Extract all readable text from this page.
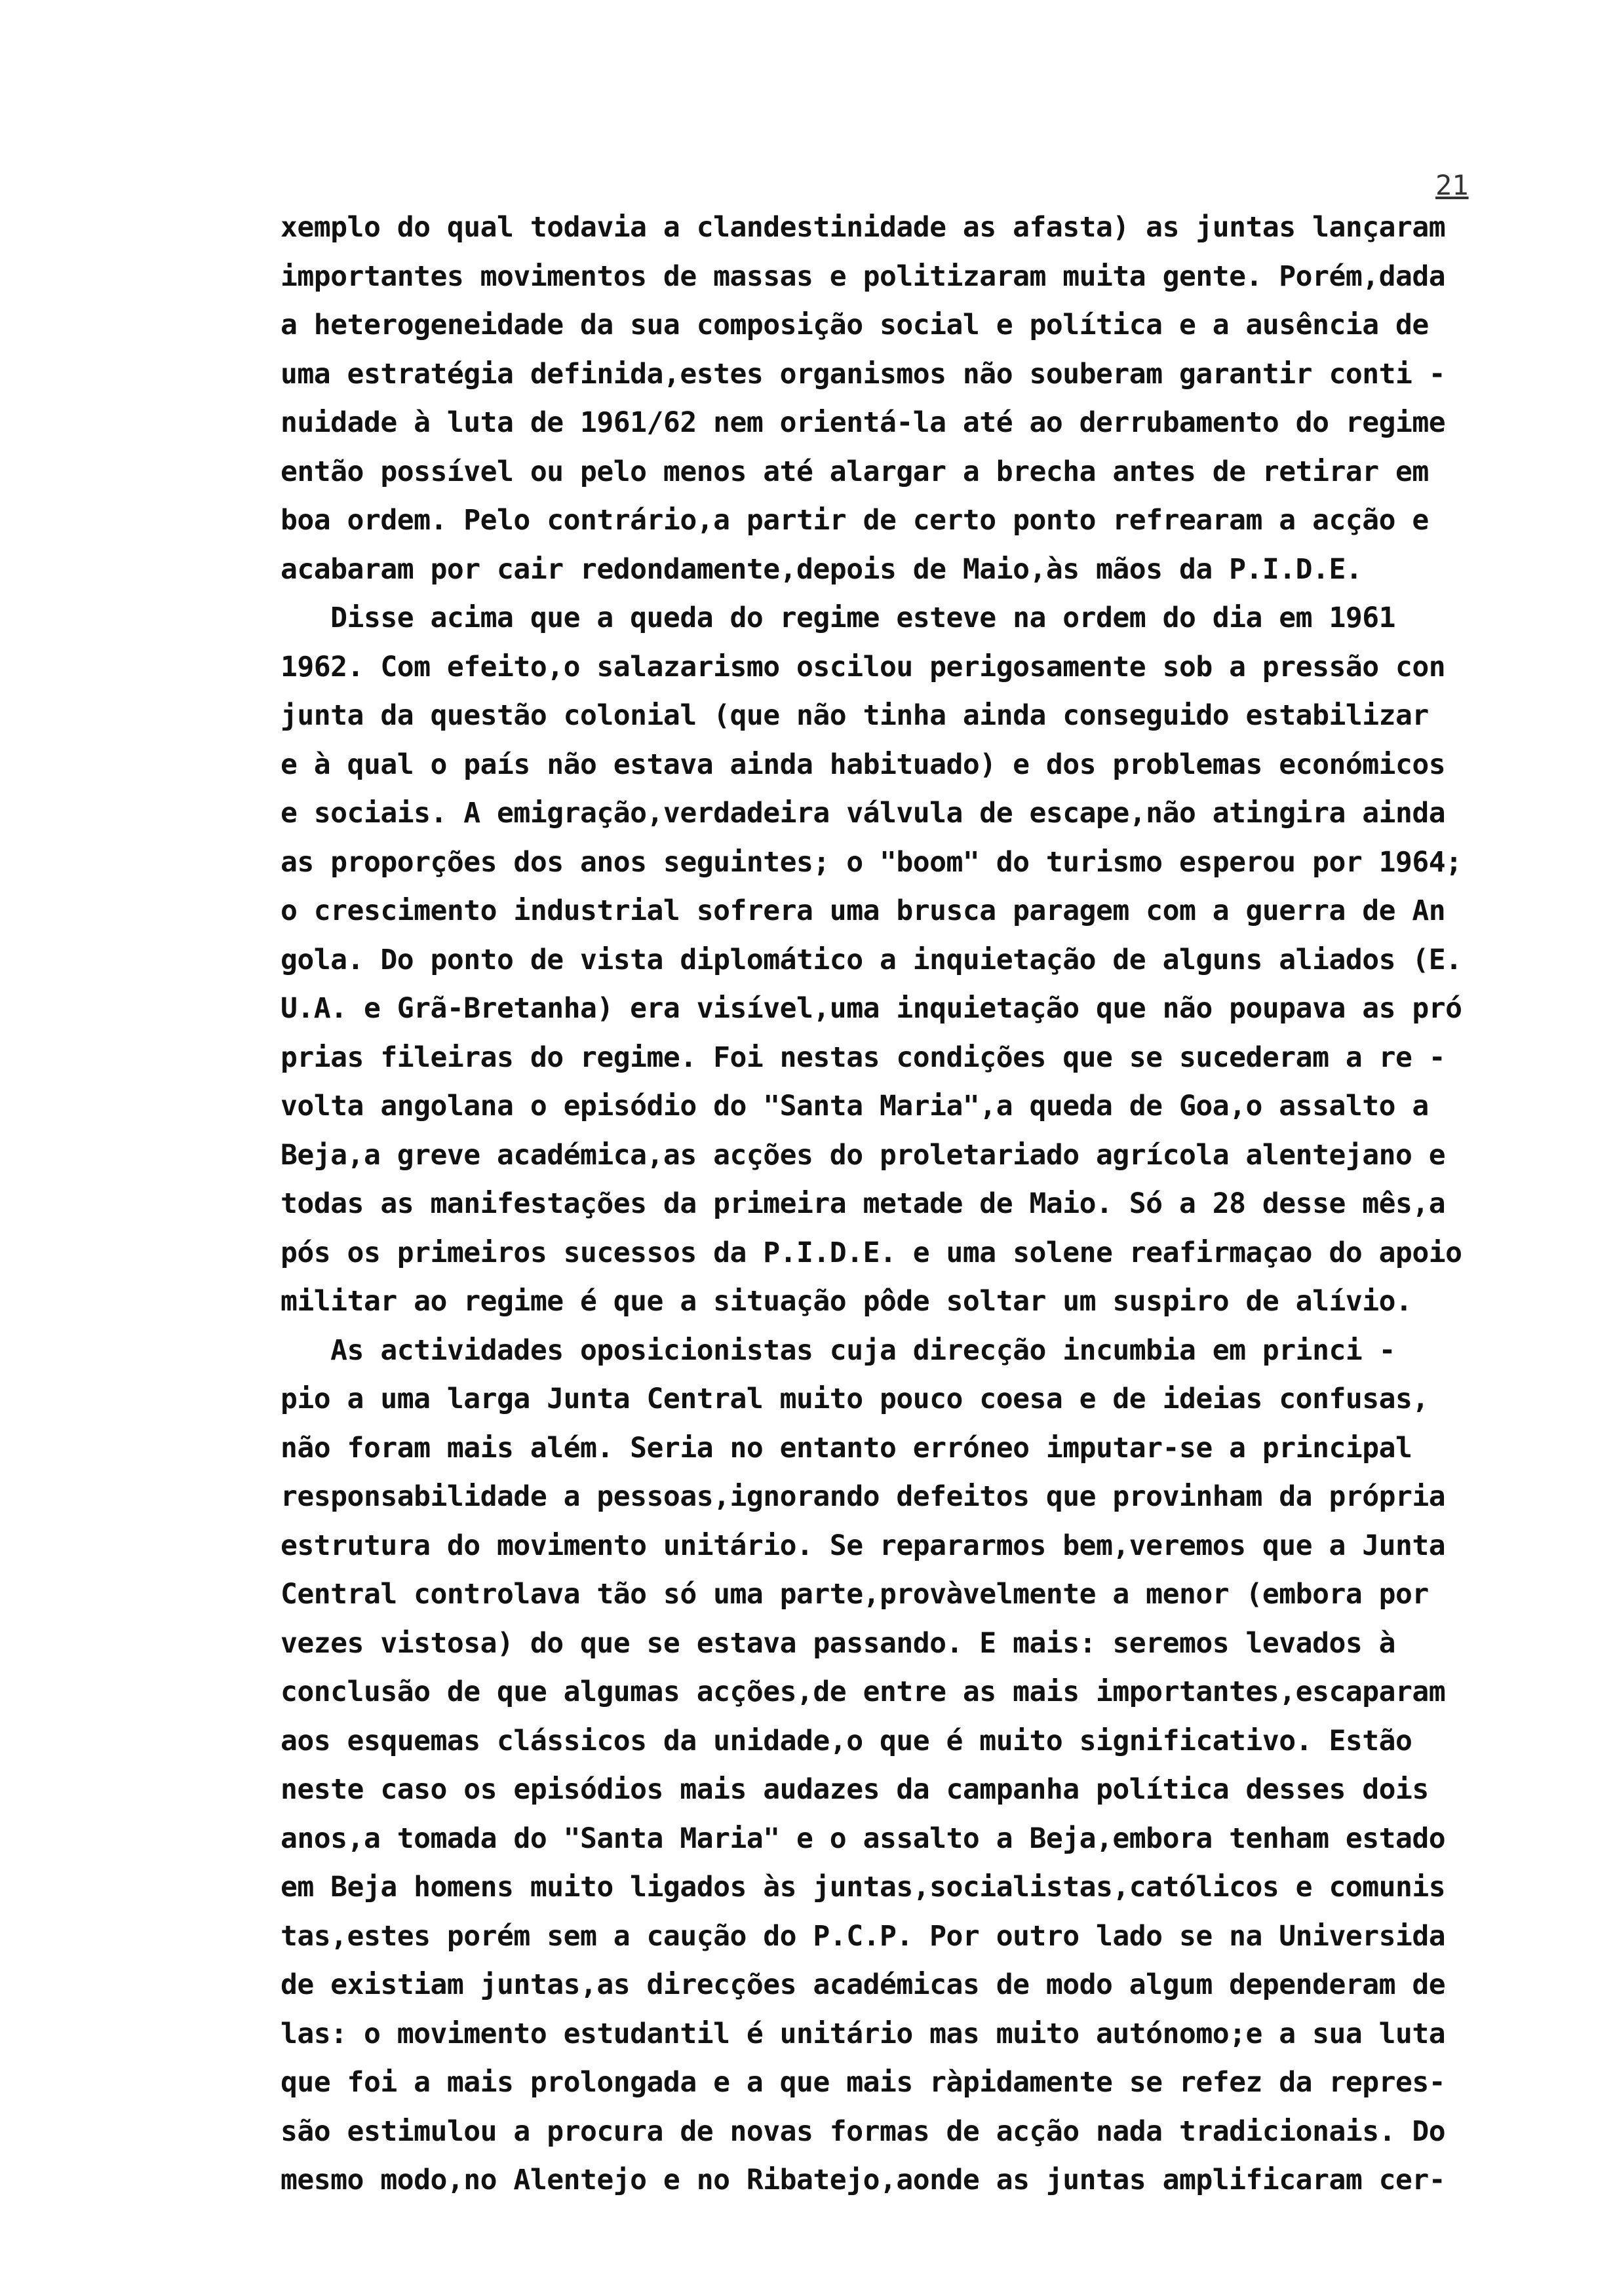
21
xemplo do qual todavia a clandestinidade as afasta) as juntas lançaram
importantes movimentos de massas e politizaram muita gente. Porém,dada
a heterogeneidade da sua composição social e política e a ausência de
uma estratégia definida,estes organismos não souberam garantir conti -
nuidade à luta de 1961/62 nem orientá-la até ao derrubamento do regime
então possível ou pelo menos até alargar a brecha antes de retirar em
boa ordem. Pelo contrário,a partir de certo ponto refrearam a acção e
acabaram por cair redondamente,depois de Maio,às mãos da P.I.D.E.
Disse acima que a queda do regime esteve na ordem do dia em 1961
1962. Com efeito,o salazarismo oscilou perigosamente sob a pressão con
junta da questão colonial (que não tinha ainda conseguido estabilizar
e à qual o país não estava ainda habituado) e dos problemas económicos
e sociais. A emigração,verdadeira válvula de escape,não atingira ainda
as proporções dos anos seguintes; o "boom" do turismo esperou por 1964;
o crescimento industrial sofrera uma brusca paragem com a guerra de An
gola. Do ponto de vista diplomático a inquietação de alguns aliados (E.
U.A. e Grã-Bretanha) era visível,uma inquietação que não poupava as pró
prias fileiras do regime. Foi nestas condições que se sucederam a re -
volta angolana o episódio do "Santa Maria",a queda de Goa,o assalto a
Beja,a greve académica,as acções do proletariado agrícola alentejano e
todas as manifestações da primeira metade de Maio. Só a 28 desse mês,a
pós os primeiros sucessos da P.I.D.E. e uma solene reafirmaçao do apoio
militar ao regime é que a situação pôde soltar um suspiro de alívio.
As actividades oposicionistas cuja direcção incumbia em princi -
pio a uma larga Junta Central muito pouco coesa e de ideias confusas,
não foram mais além. Seria no entanto erróneo imputar-se a principal
responsabilidade a pessoas,ignorando defeitos que provinham da própria
estrutura do movimento unitário. Se repararmos bem,veremos que a Junta
Central controlava tão só uma parte,provàvelmente a menor (embora por
vezes vistosa) do que se estava passando. E mais: seremos levados à
conclusão de que algumas acções,de entre as mais importantes,escaparam
aos esquemas clássicos da unidade,o que é muito significativo. Estão
neste caso os episódios mais audazes da campanha política desses dois
anos,a tomada do "Santa Maria" e o assalto a Beja,embora tenham estado
em Beja homens muito ligados às juntas,socialistas,católicos e comunis
tas,estes porém sem a caução do P.C.P. Por outro lado se na Universida
de existiam juntas,as direcções académicas de modo algum dependeram de
las: o movimento estudantil é unitário mas muito autónomo;e a sua luta
que foi a mais prolongada e a que mais ràpidamente se refez da repres-
são estimulou a procura de novas formas de acção nada tradicionais. Do
mesmo modo,no Alentejo e no Ribatejo,aonde as juntas amplificaram cer-
